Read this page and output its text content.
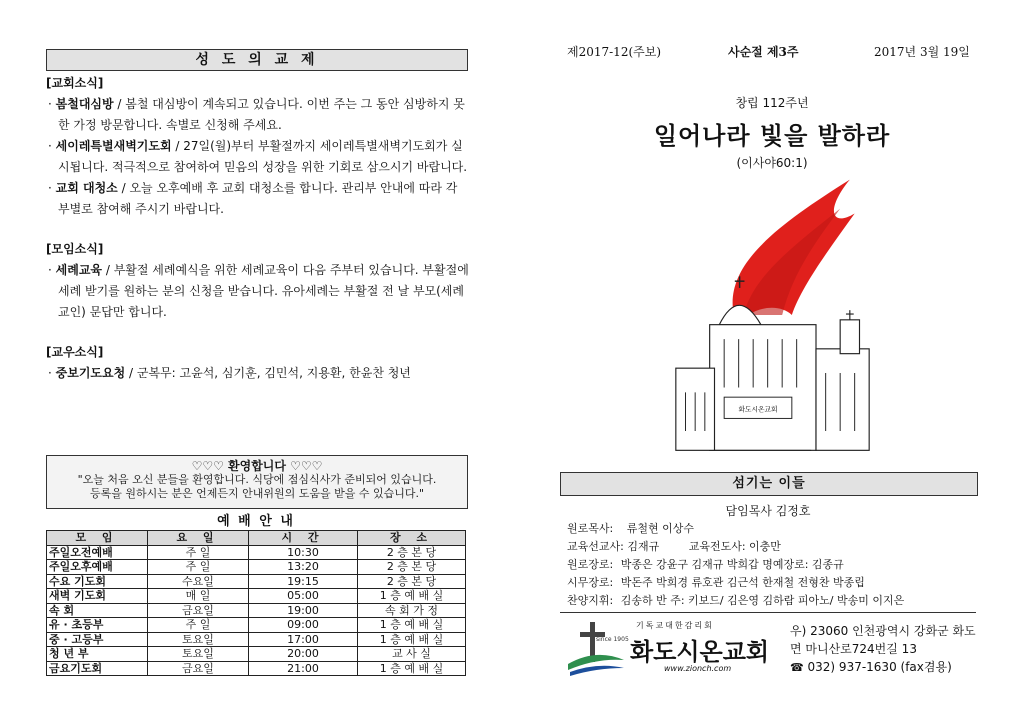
성 도 의 교 제
[교회소식]
· 봄철대심방 / 봄철 대심방이 계속되고 있습니다. 이번 주는 그 동안 심방하지 못한 가정 방문합니다. 속별로 신청해 주세요.
· 세이레특별새벽기도회 / 27일(월)부터 부활절까지 세이레특별새벽기도회가 실시됩니다. 적극적으로 참여하여 믿음의 성장을 위한 기회로 삼으시기 바랍니다.
· 교회 대청소 / 오늘 오후예배 후 교회 대청소를 합니다. 관리부 안내에 따라 각 부별로 참여해 주시기 바랍니다.
[모임소식]
· 세례교육 / 부활절 세례예식을 위한 세례교육이 다음 주부터 있습니다. 부활절에 세례 받기를 원하는 분의 신청을 받습니다. 유아세례는 부활절 전 날 부모(세례교인) 문답만 합니다.
[교우소식]
· 중보기도요청 / 군복무: 고윤석, 심기훈, 김민석, 지용환, 한윤찬 청년
♡♡♡ 환영합니다 ♡♡♡
"오늘 처음 오신 분들을 환영합니다. 식당에 점심식사가 준비되어 있습니다.
등록을 원하시는 분은 언제든지 안내위원의 도움을 받을 수 있습니다."
예 배 안 내
모 임	요 일	시 간	장 소
주일오전예배	주 일	10:30	2 층 본 당
주일오후예배	주 일	13:20	2 층 본 당
수요 기도회	수요일	19:15	2 층 본 당
새벽 기도회	매 일	05:00	1 층 예 배 실
속 회	금요일	19:00	속 회 가 정
유 · 초등부	주 일	09:00	1 층 예 배 실
중 · 고등부	토요일	17:00	1 층 예 배 실
청 년 부	토요일	20:00	교 사 실
금요기도회	금요일	21:00	1 층 예 배 실
제2017-12(주보)	사순절 제3주	2017년 3월 19일
창립 112주년
일어나라 빛을 발하라
(이사야60:1)
화도시온교회
섬기는 이들
담임목사 김정호
원로목사: 류철현 이상수
교육선교사: 김재규	교육전도사: 이충만
원로장로: 박종은 강윤구 김재규 박희갑 명예장로: 김종규
시무장로: 박돈주 박희경 류호관 김근석 한재철 전형찬 박종립
찬양지휘: 김송하 반 주: 키보드/ 김은영 김하람 피아노/ 박송미 이지은
since 1905
기독교대한감리회
화도시온교회
www.zionch.com
우) 23060 인천광역시 강화군 화도
면 마니산로724번길 13
☎ 032) 937-1630 (fax겸용)
